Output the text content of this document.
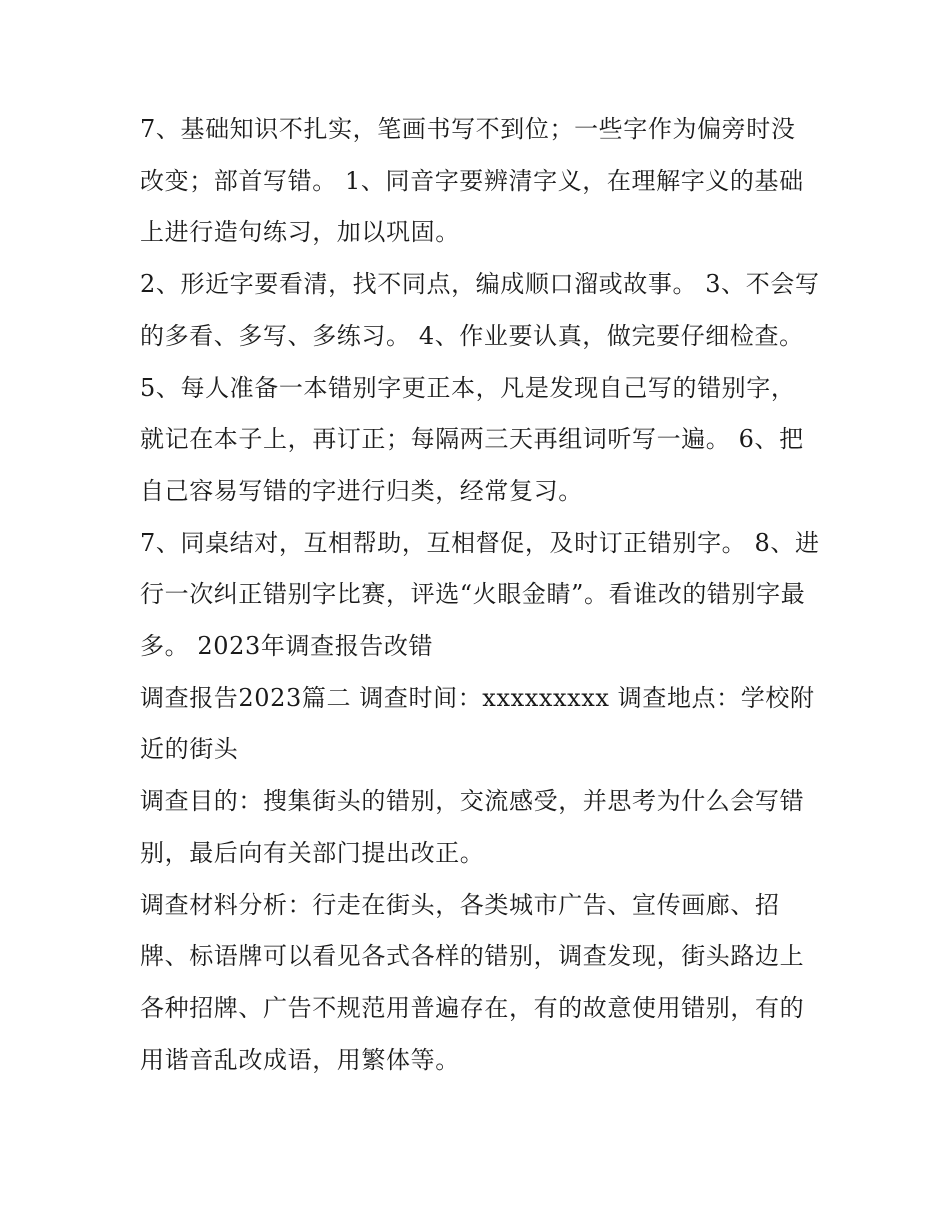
7、基础知识不扎实，笔画书写不到位；一些字作为偏旁时没改变；部首写错。 1、同音字要辨清字义，在理解字义的基础上进行造句练习，加以巩固。

2、形近字要看清，找不同点，编成顺口溜或故事。 3、不会写的多看、多写、多练习。 4、作业要认真，做完要仔细检查。

5、每人准备一本错别字更正本，凡是发现自己写的错别字，就记在本子上，再订正；每隔两三天再组词听写一遍。 6、把自己容易写错的字进行归类，经常复习。

7、同桌结对，互相帮助，互相督促，及时订正错别字。 8、进行一次纠正错别字比赛，评选“火眼金睛”。看谁改的错别字最多。 2023年调查报告改错

调查报告2023篇二 调查时间：xxxxxxxxx 调查地点：学校附近的街头

调查目的：搜集街头的错别，交流感受，并思考为什么会写错别，最后向有关部门提出改正。

调查材料分析：行走在街头，各类城市广告、宣传画廊、招牌、标语牌可以看见各式各样的错别，调查发现，街头路边上各种招牌、广告不规范用普遍存在，有的故意使用错别，有的用谐音乱改成语，用繁体等。
